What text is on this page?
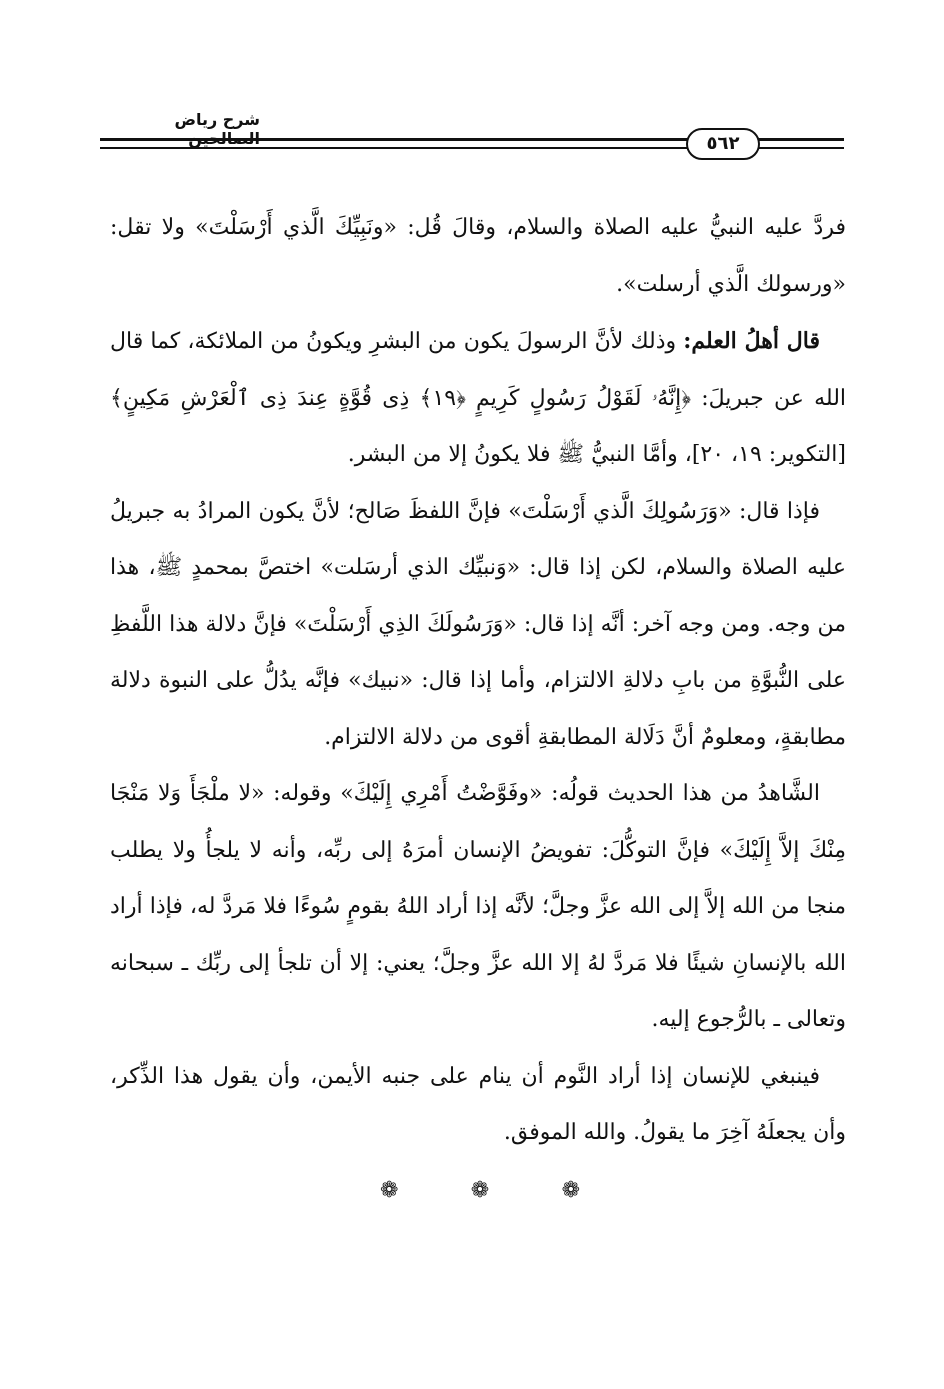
شرح رياض الصالحين	٥٦٢

فردَّ عليه النبيُّ عليه الصلاة والسلام، وقالَ قُل: «ونَبِيِّكَ الَّذي أَرْسَلْتَ» ولا تقل: «ورسولك الَّذي أرسلت».

قال أهلُ العلم: وذلك لأنَّ الرسولَ يكون من البشرِ ويكونُ من الملائكة، كما قال الله عن جبريلَ: ﴿إِنَّهُۥ لَقَوْلُ رَسُولٍ كَرِيمٍ ﴿١٩﴾ ذِى قُوَّةٍ عِندَ ذِى ٱلْعَرْشِ مَكِينٍ﴾ [التكوير: ١٩، ٢٠]، وأمَّا النبيُّ ﷺ فلا يكونُ إلا من البشر.

فإذا قال: «وَرَسُولِكَ الَّذي أَرْسَلْتَ» فإنَّ اللفظَ صَالح؛ لأنَّ يكون المرادُ به جبريلُ عليه الصلاة والسلام، لكن إذا قال: «وَنبيِّك الذي أرسَلت» اختصَّ بمحمدٍ ﷺ، هذا من وجه. ومن وجه آخر: أنَّه إذا قال: «وَرَسُولَكَ الذِي أَرْسَلْتَ» فإنَّ دلالة هذا اللَّفظِ على النُّبوَّةِ من بابِ دلالةِ الالتزام، وأما إذا قال: «نبيك» فإنَّه يدُلُّ على النبوة دلالة مطابقةٍ، ومعلومٌ أنَّ دَلَالة المطابقةِ أقوى من دلالة الالتزام.

الشَّاهدُ من هذا الحديث قولُه: «وفَوَّضْتُ أَمْرِي إِلَيْكَ» وقوله: «لا ملْجَأَ وَلا مَنْجَا مِنْكَ إلاَّ إِلَيْكَ» فإنَّ التوكُّلَ: تفويضُ الإنسان أمرَهُ إلى ربِّه، وأنه لا يلجأُ ولا يطلب منجا من الله إلاَّ إلى الله عزَّ وجلَّ؛ لأنَّه إذا أراد اللهُ بقومٍ سُوءًا فلا مَردَّ له، فإذا أراد الله بالإنسانِ شيئًا فلا مَردَّ لهُ إلا الله عزَّ وجلَّ؛ يعني: إلا أن تلجأ إلى ربِّك ـ سبحانه وتعالى ـ بالرُّجوع إليه.

فينبغي للإنسان إذا أراد النَّوم أن ينام على جنبه الأيمن، وأن يقول هذا الذِّكر، وأن يجعلَهُ آخِرَ ما يقولُ. والله الموفق.

❁	❁	❁
